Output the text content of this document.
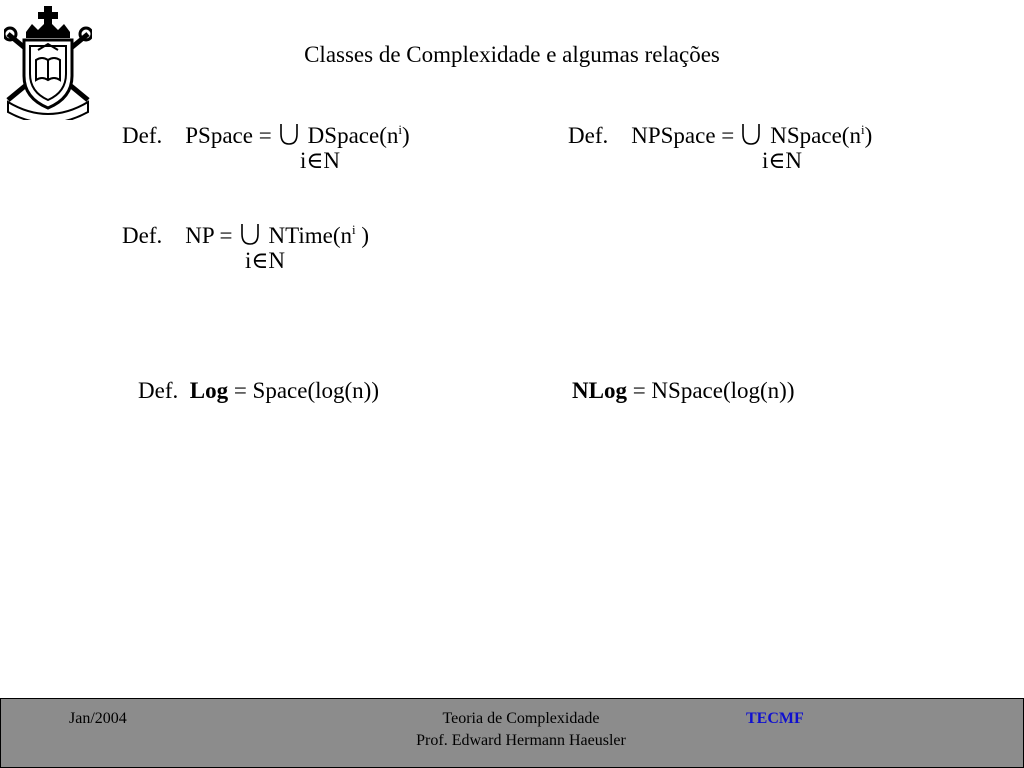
Classes de Complexidade e algumas relações
Def. PSpace = $DSpace(n^i)$
i∈N
Def. NPSpace = $NSpace(n^i)$
i∈N
Def. NP = $NTime(n^i$ )
i∈N
Def. Log = Space(log(n))	NLog = NSpace(log(n))
Jan/2004	Teoria de Complexidade
Prof. Edward Hermann Haeusler
TECMF
